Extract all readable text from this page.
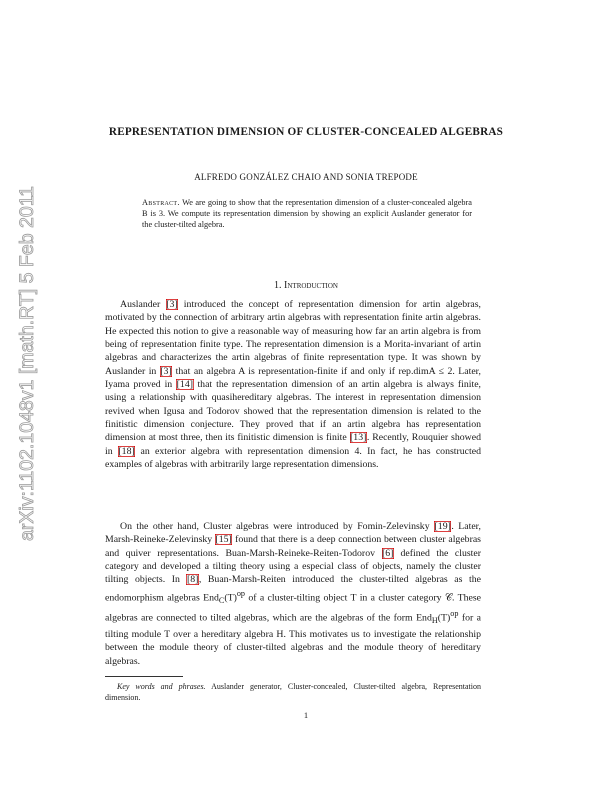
arXiv:1102.1048v1 [math.RT] 5 Feb 2011
REPRESENTATION DIMENSION OF CLUSTER-CONCEALED ALGEBRAS
ALFREDO GONZÁLEZ CHAIO AND SONIA TREPODE
Abstract. We are going to show that the representation dimension of a cluster-concealed algebra B is 3. We compute its representation dimension by showing an explicit Auslander generator for the cluster-tilted algebra.
1. Introduction

Auslander [3] introduced the concept of representation dimension for artin algebras, motivated by the connection of arbitrary artin algebras with representation finite artin algebras. He expected this notion to give a reasonable way of measuring how far an artin algebra is from being of representation finite type. The representation dimension is a Morita-invariant of artin algebras and characterizes the artin algebras of finite representation type. It was shown by Auslander in [3] that an algebra A is representation-finite if and only if rep.dimA ≤ 2. Later, Iyama proved in [14] that the representation dimension of an artin algebra is always finite, using a relationship with quasihereditary algebras. The interest in representation dimension revived when Igusa and Todorov showed that the representation dimension is related to the finitistic dimension conjecture. They proved that if an artin algebra has representation dimension at most three, then its finitistic dimension is finite [13]. Recently, Rouquier showed in [18] an exterior algebra with representation dimension 4. In fact, he has constructed examples of algebras with arbitrarily large representation dimensions.

On the other hand, Cluster algebras were introduced by Fomin-Zelevinsky [19]. Later, Marsh-Reineke-Zelevinsky [15] found that there is a deep connection between cluster algebras and quiver representations. Buan-Marsh-Reineke-Reiten-Todorov [6] defined the cluster category and developed a tilting theory using a especial class of objects, namely the cluster tilting objects. In [8], Buan-Marsh-Reiten introduced the cluster-tilted algebras as the endomorphism algebras $End_C(T)^{op}$ of a cluster-tilting object T in a cluster category 𝒞. These algebras are connected to tilted algebras, which are the algebras of the form $End_H(T)^{op}$ for a tilting module T over a hereditary algebra H. This motivates us to investigate the relationship between the module theory of cluster-tilted algebras and the module theory of hereditary algebras.

Key words and phrases. Auslander generator, Cluster-concealed, Cluster-tilted algebra, Representation dimension.
1
